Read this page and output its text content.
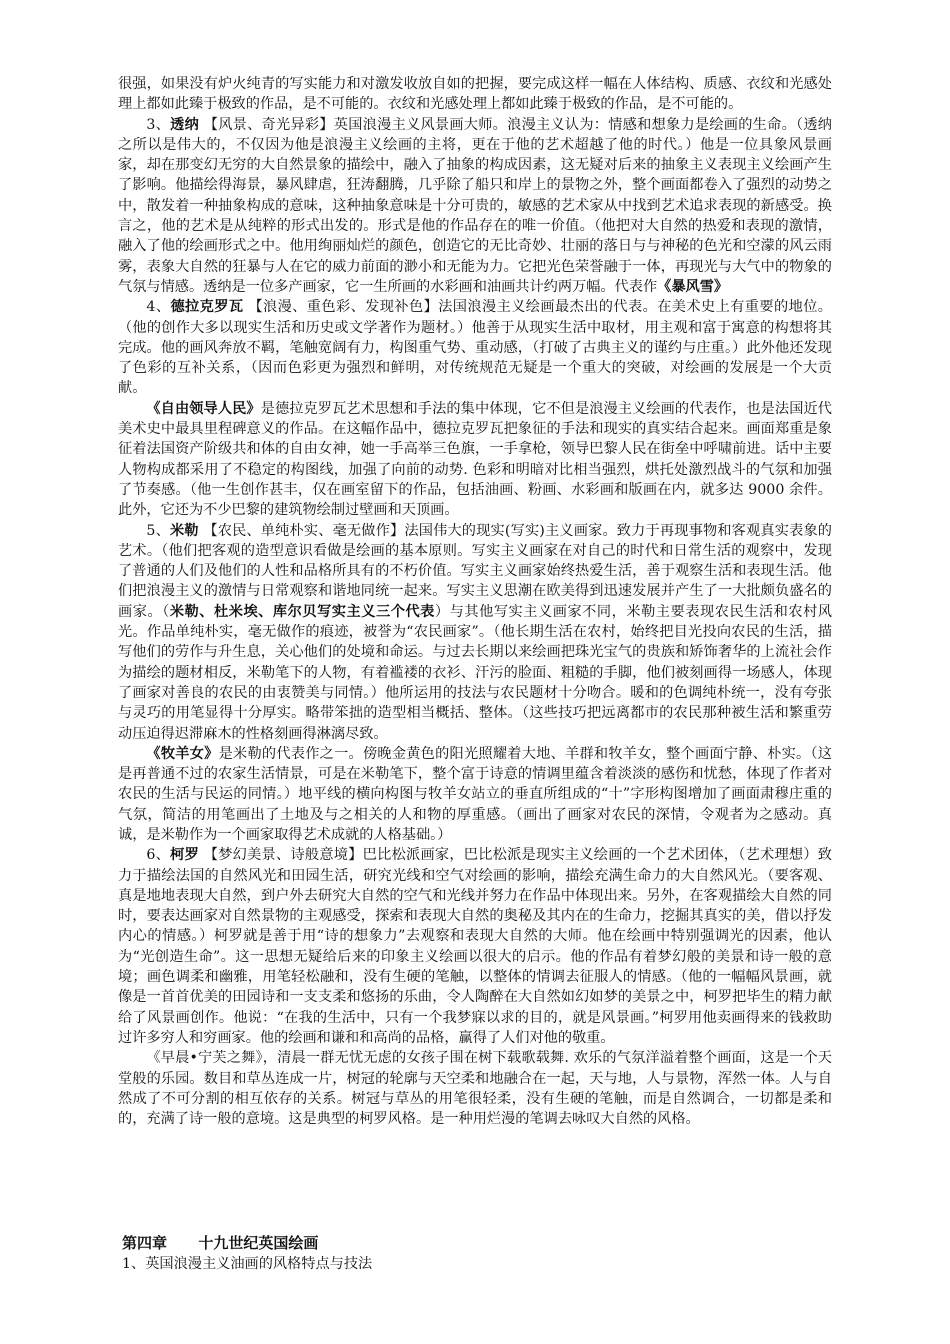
很强，如果没有炉火纯青的写实能力和对激发收放自如的把握，要完成这样一幅在人体结构、质感、衣纹和光感处理上都如此臻于极致的作品，是不可能的。衣纹和光感处理上都如此臻于极致的作品，是不可能的。

3、透纳 【风景、奇光异彩】英国浪漫主义风景画大师。浪漫主义认为：情感和想象力是绘画的生命。（透纳之所以是伟大的，不仅因为他是浪漫主义绘画的主将，更在于他的艺术超越了他的时代。）他是一位具象风景画家，却在那变幻无穷的大自然景象的描绘中，融入了抽象的构成因素，这无疑对后来的抽象主义表现主义绘画产生了影响。他描绘得海景，暴风肆虐，狂涛翻腾，几乎除了船只和岸上的景物之外，整个画面都卷入了强烈的动势之中，散发着一种抽象构成的意味，这种抽象意味是十分可贵的，敏感的艺术家从中找到艺术追求表现的新感受。换言之，他的艺术是从纯粹的形式出发的。形式是他的作品存在的唯一价值。（他把对大自然的热爱和表现的激情，融入了他的绘画形式之中。他用绚丽灿烂的颜色，创造它的无比奇妙、壮丽的落日与与神秘的色光和空濛的风云雨雾，表象大自然的狂暴与人在它的威力前面的渺小和无能为力。它把光色荣誉融于一体，再现光与大气中的物象的气氛与情感。透纳是一位多产画家，它一生所画的水彩画和油画共计约两万幅。代表作《暴风雪》

4、德拉克罗瓦 【浪漫、重色彩、发现补色】法国浪漫主义绘画最杰出的代表。在美术史上有重要的地位。（他的创作大多以现实生活和历史或文学著作为题材。）他善于从现实生活中取材，用主观和富于寓意的构想将其完成。他的画风奔放不羁，笔触宽阔有力，构图重气势、重动感，（打破了古典主义的谨约与庄重。）此外他还发现了色彩的互补关系，（因而色彩更为强烈和鲜明，对传统规范无疑是一个重大的突破，对绘画的发展是一个大贡献。

《自由领导人民》是德拉克罗瓦艺术思想和手法的集中体现，它不但是浪漫主义绘画的代表作，也是法国近代美术史中最具里程碑意义的作品。在这幅作品中，德拉克罗瓦把象征的手法和现实的真实结合起来。画面郑重是象征着法国资产阶级共和体的自由女神，她一手高举三色旗，一手拿枪，领导巴黎人民在街垒中呼啸前进。话中主要人物构成都采用了不稳定的构图线，加强了向前的动势. 色彩和明暗对比相当强烈，烘托处激烈战斗的气氛和加强了节奏感。（他一生创作甚丰，仅在画室留下的作品，包括油画、粉画、水彩画和版画在内，就多达 9000 余件。此外，它还为不少巴黎的建筑物绘制过壁画和天顶画。

5、米勒 【农民、单纯朴实、毫无做作】法国伟大的现实(写实)主义画家。致力于再现事物和客观真实表象的艺术。（他们把客观的造型意识看做是绘画的基本原则。写实主义画家在对自己的时代和日常生活的观察中，发现了普通的人们及他们的人性和品格所具有的不朽价值。写实主义画家始终热爱生活，善于观察生活和表现生活。他们把浪漫主义的激情与日常观察和谐地同统一起来。写实主义思潮在欧美得到迅速发展并产生了一大批颇负盛名的画家。（米勒、杜米埃、库尔贝写实主义三个代表）与其他写实主义画家不同，米勒主要表现农民生活和农村风光。作品单纯朴实，毫无做作的痕迹，被誉为“农民画家”。（他长期生活在农村，始终把目光投向农民的生活，描写他们的劳作与升生息，关心他们的处境和命运。与过去长期以来绘画把珠光宝气的贵族和矫饰奢华的上流社会作为描绘的题材相反，米勒笔下的人物，有着褴褛的衣衫、汗污的脸面、粗糙的手脚，他们被刻画得一场感人，体现了画家对善良的农民的由衷赞美与同情。）他所运用的技法与农民题材十分吻合。暖和的色调纯朴统一，没有夸张与灵巧的用笔显得十分厚实。略带笨拙的造型相当概括、整体。（这些技巧把远离都市的农民那种被生活和繁重劳动压迫得迟滞麻木的性格刻画得淋漓尽致。

《牧羊女》是米勒的代表作之一。傍晚金黄色的阳光照耀着大地、羊群和牧羊女，整个画面宁静、朴实。（这是再普通不过的农家生活情景，可是在米勒笔下，整个富于诗意的情调里蕴含着淡淡的感伤和忧愁，体现了作者对农民的生活与民运的同情。）地平线的横向构图与牧羊女站立的垂直所组成的“十”字形构图增加了画面肃穆庄重的气氛，简洁的用笔画出了土地及与之相关的人和物的厚重感。（画出了画家对农民的深情，令观者为之感动。真诚，是米勒作为一个画家取得艺术成就的人格基础。）

6、柯罗 【梦幻美景、诗般意境】巴比松派画家，巴比松派是现实主义绘画的一个艺术团体，（艺术理想）致力于描绘法国的自然风光和田园生活，研究光线和空气对绘画的影响，描绘充满生命力的大自然风光。（要客观、真是地地表现大自然，到户外去研究大自然的空气和光线并努力在作品中体现出来。另外，在客观描绘大自然的同时，要表达画家对自然景物的主观感受，探索和表现大自然的奥秘及其内在的生命力，挖掘其真实的美，借以抒发内心的情感。）柯罗就是善于用“诗的想象力”去观察和表现大自然的大师。他在绘画中特别强调光的因素，他认为“光创造生命”。这一思想无疑给后来的印象主义绘画以很大的启示。他的作品有着梦幻般的美景和诗一般的意境；画色调柔和幽雅，用笔轻松融和，没有生硬的笔触，以整体的情调去征服人的情感。（他的一幅幅风景画，就像是一首首优美的田园诗和一支支柔和悠扬的乐曲，令人陶醉在大自然如幻如梦的美景之中，柯罗把毕生的精力献给了风景画创作。他说：“在我的生活中，只有一个我梦寐以求的目的，就是风景画。”柯罗用他卖画得来的钱救助过许多穷人和穷画家。他的绘画和谦和和高尚的品格，赢得了人们对他的敬重。

《早晨•宁芙之舞》，清晨一群无忧无虑的女孩子围在树下载歌载舞. 欢乐的气氛洋溢着整个画面，这是一个天堂般的乐园。数目和草丛连成一片，树冠的轮廓与天空柔和地融合在一起，天与地，人与景物，浑然一体。人与自然成了不可分割的相互依存的关系。树冠与草丛的用笔很轻柔，没有生硬的笔触，而是自然调合，一切都是柔和的，充满了诗一般的意境。这是典型的柯罗风格。是一种用烂漫的笔调去咏叹大自然的风格。

第四章      十九世纪英国绘画
1、英国浪漫主义油画的风格特点与技法
